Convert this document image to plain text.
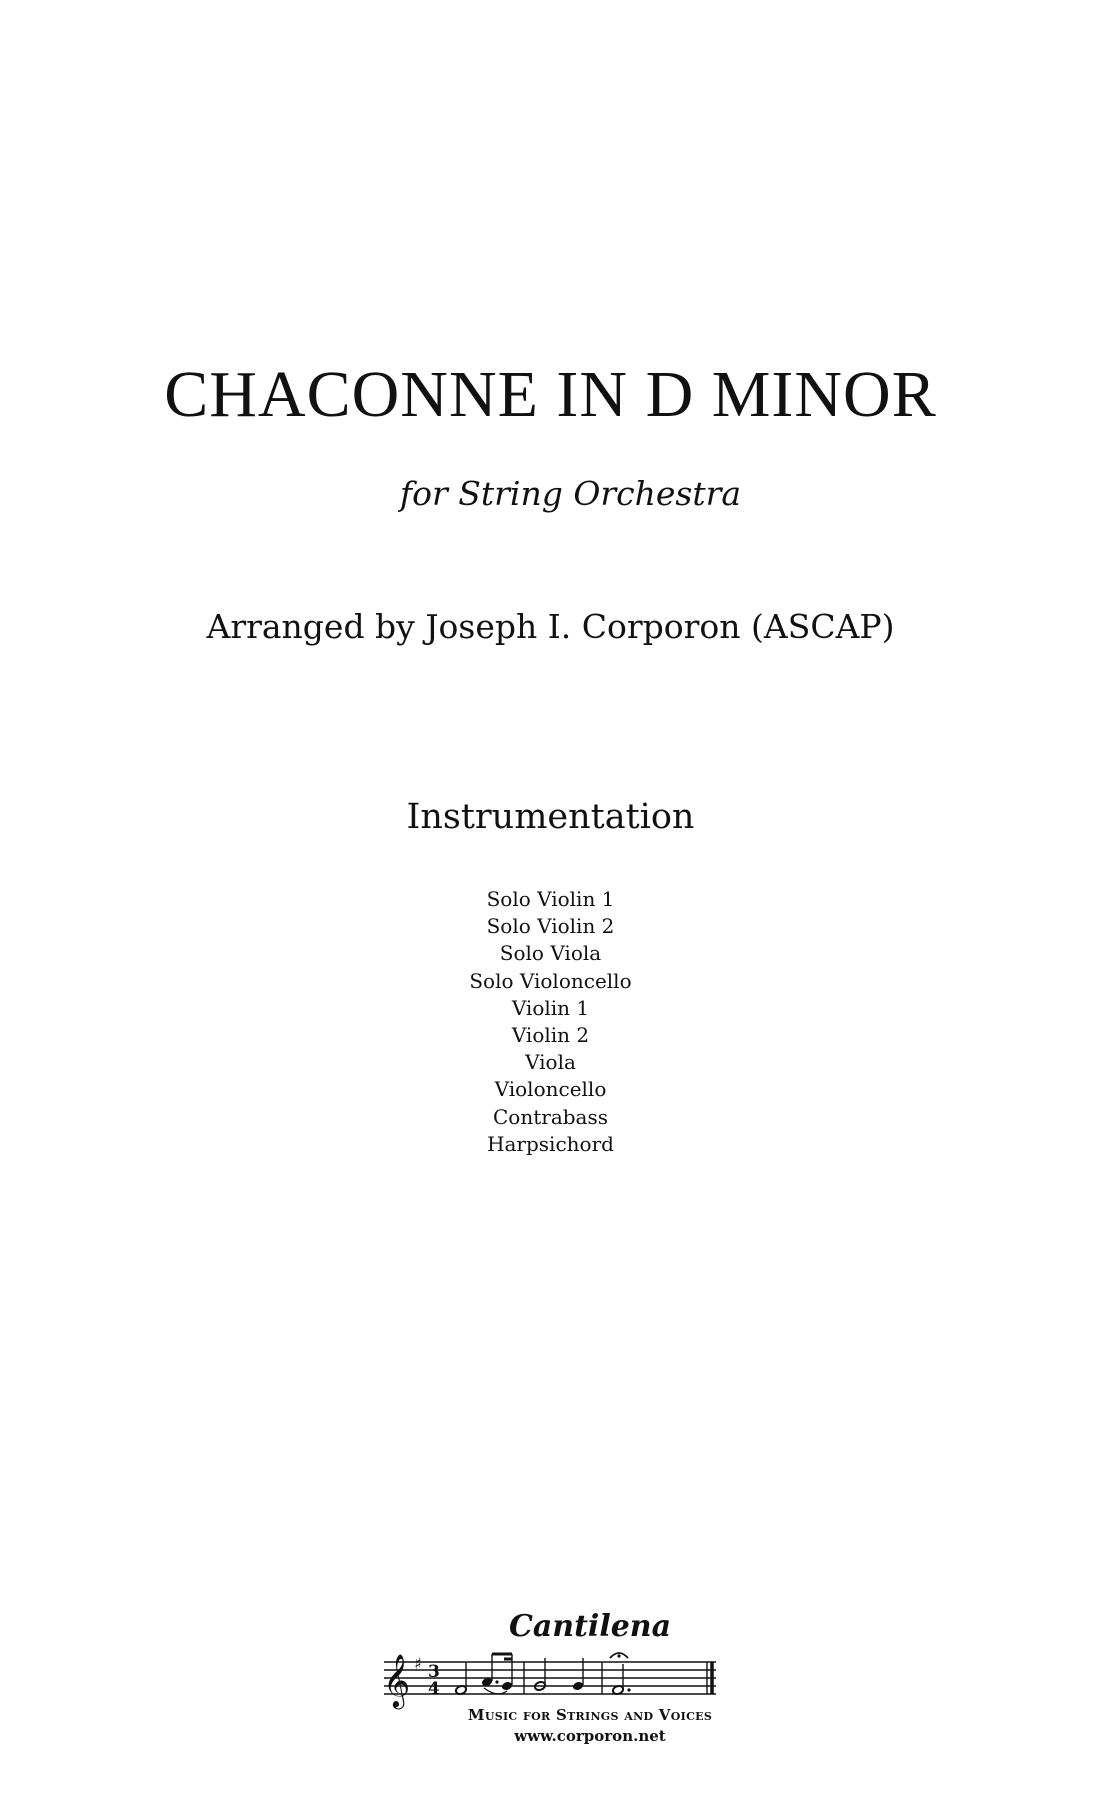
CHACONNE IN D MINOR
for String Orchestra
Arranged by Joseph I. Corporon (ASCAP)
Instrumentation
Solo Violin 1
Solo Violin 2
Solo Viola
Solo Violoncello
Violin 1
Violin 2
Viola
Violoncello
Contrabass
Harpsichord
Cantilena
𝄞 ♯ 3
4
Music for Strings and Voices
www.corporon.net
